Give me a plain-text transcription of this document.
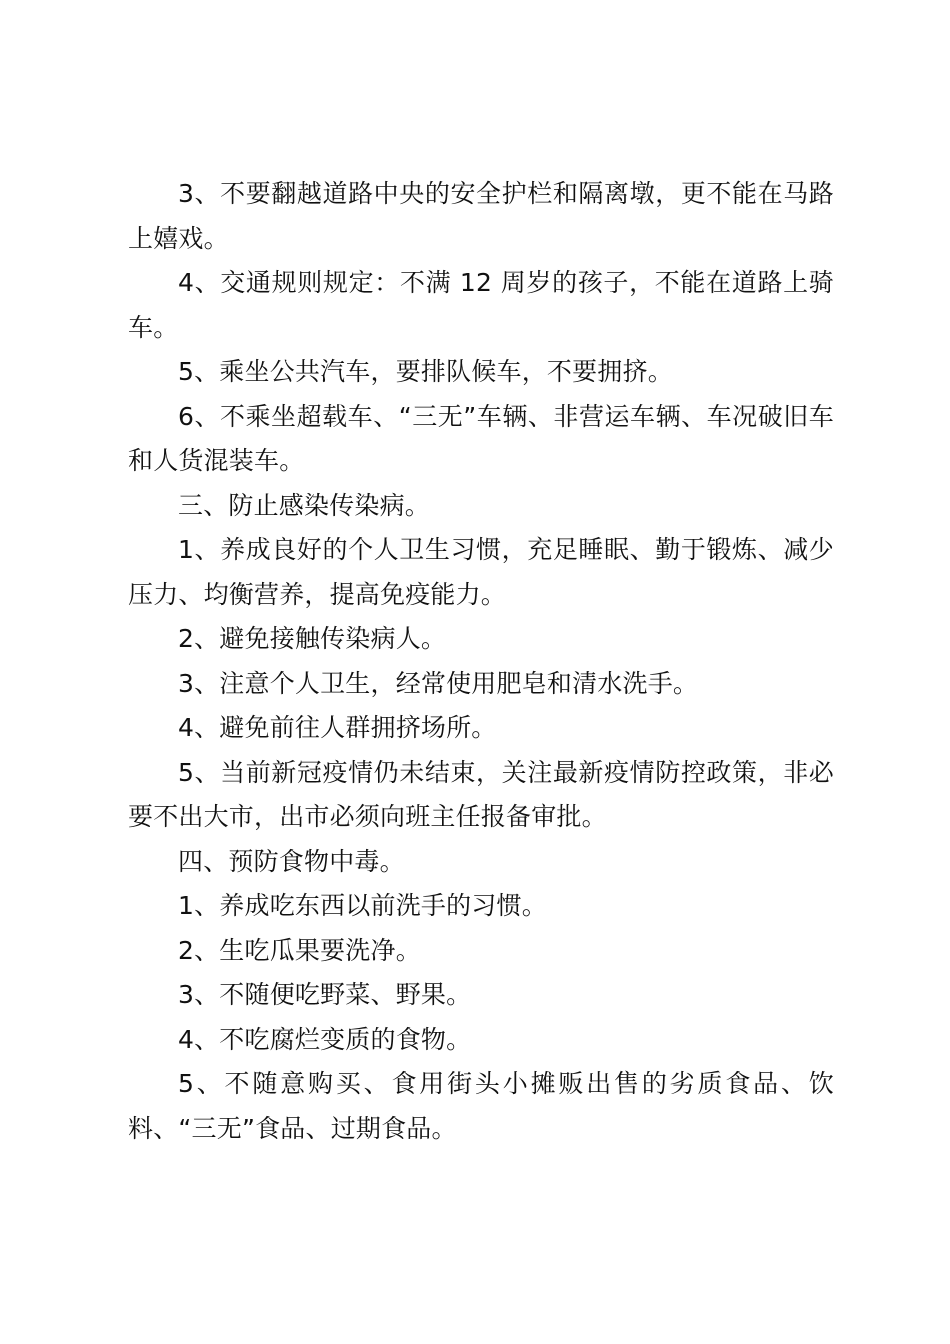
3、不要翻越道路中央的安全护栏和隔离墩，更不能在马路上嬉戏。

4、交通规则规定：不满 12 周岁的孩子，不能在道路上骑车。

5、乘坐公共汽车，要排队候车，不要拥挤。

6、不乘坐超载车、“三无”车辆、非营运车辆、车况破旧车和人货混装车。

三、防止感染传染病。

1、养成良好的个人卫生习惯，充足睡眠、勤于锻炼、减少压力、均衡营养，提高免疫能力。

2、避免接触传染病人。

3、注意个人卫生，经常使用肥皂和清水洗手。

4、避免前往人群拥挤场所。

5、当前新冠疫情仍未结束，关注最新疫情防控政策，非必要不出大市，出市必须向班主任报备审批。

四、预防食物中毒。

1、养成吃东西以前洗手的习惯。

2、生吃瓜果要洗净。

3、不随便吃野菜、野果。

4、不吃腐烂变质的食物。

5、不随意购买、食用街头小摊贩出售的劣质食品、饮料、“三无”食品、过期食品。
